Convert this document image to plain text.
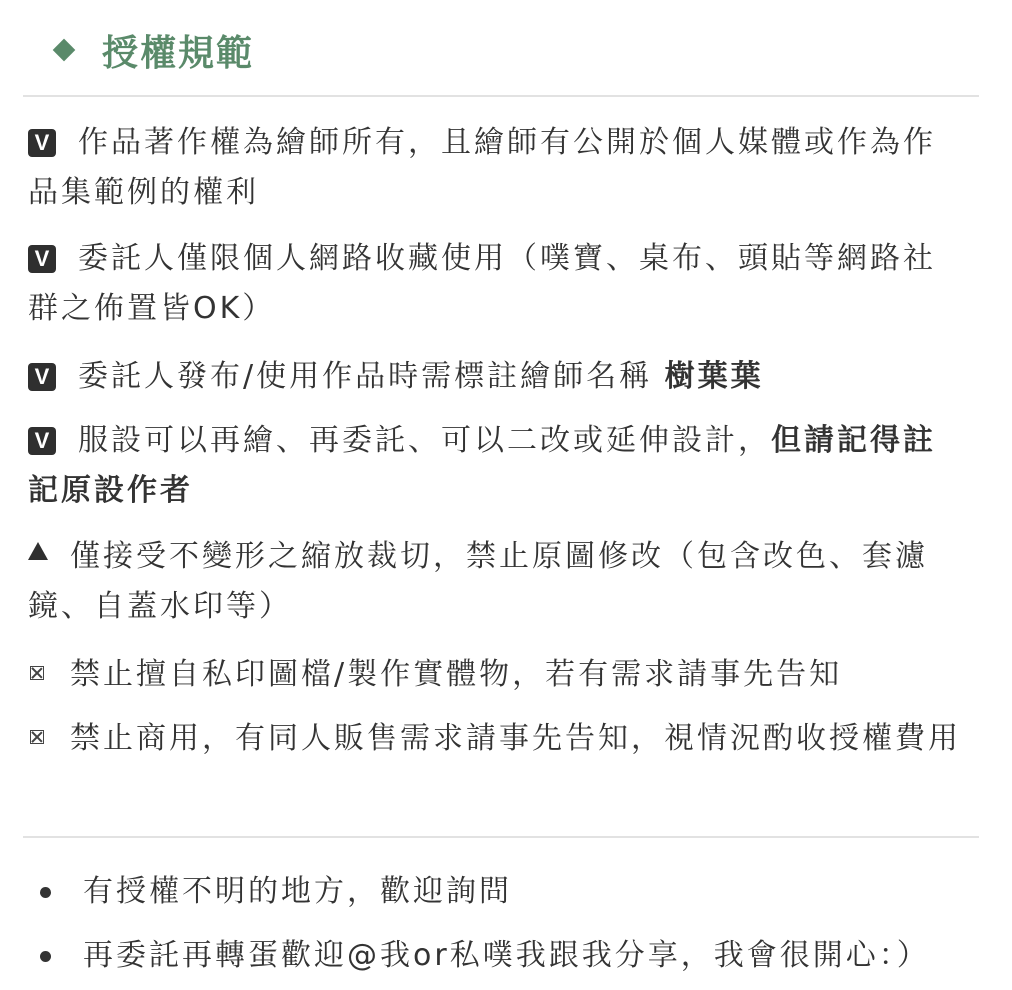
授權規範
V 作品著作權為繪師所有，且繪師有公開於個人媒體或作為作品集範例的權利
V 委託人僅限個人網路收藏使用（噗寶、桌布、頭貼等網路社群之佈置皆OK）
V 委託人發布/使用作品時需標註繪師名稱 樹葉葉
V 服設可以再繪、再委託、可以二改或延伸設計，但請記得註記原設作者
僅接受不變形之縮放裁切，禁止原圖修改（包含改色、套濾鏡、自蓋水印等）
禁止擅自私印圖檔/製作實體物，若有需求請事先告知
禁止商用，有同人販售需求請事先告知，視情況酌收授權費用
有授權不明的地方，歡迎詢問
再委託再轉蛋歡迎@我or私噗我跟我分享，我會很開心：）
